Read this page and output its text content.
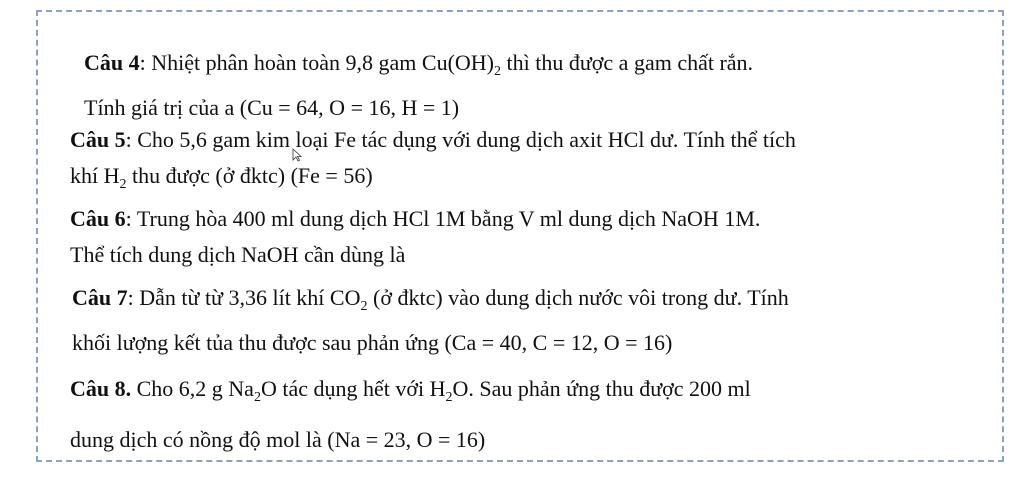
Câu 4: Nhiệt phân hoàn toàn 9,8 gam $Cu(OH)_2$ thì thu được a gam chất rắn.
Tính giá trị của a (Cu = 64, O = 16, H = 1)
Câu 5: Cho 5,6 gam kim loại Fe tác dụng với dung dịch axit HCl dư. Tính thể tích
khí $H_2$ thu được (ở đktc) (Fe = 56)
Câu 6: Trung hòa 400 ml dung dịch HCl 1M bằng V ml dung dịch NaOH 1M.
Thể tích dung dịch NaOH cần dùng là
Câu 7: Dẫn từ từ 3,36 lít khí $CO_2$ (ở đktc) vào dung dịch nước vôi trong dư. Tính
khối lượng kết tủa thu được sau phản ứng (Ca = 40, C = 12, O = 16)
Câu 8. Cho 6,2 g $Na_2O$ tác dụng hết với $H_2O$. Sau phản ứng thu được 200 ml
dung dịch có nồng độ mol là (Na = 23, O = 16)
